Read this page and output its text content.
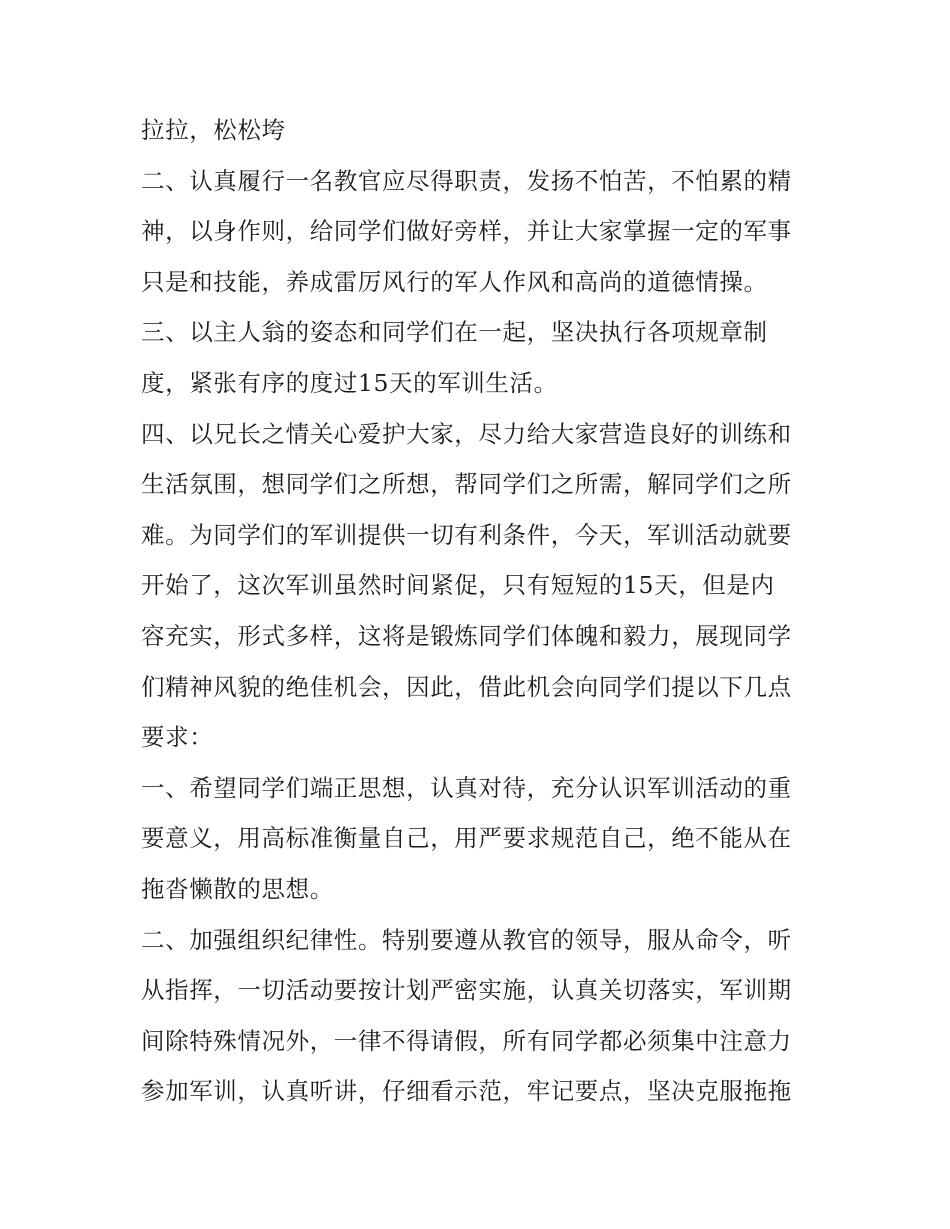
拉拉，松松垮
二、认真履行一名教官应尽得职责，发扬不怕苦，不怕累的精
神，以身作则，给同学们做好旁样，并让大家掌握一定的军事
只是和技能，养成雷厉风行的军人作风和高尚的道德情操。
三、以主人翁的姿态和同学们在一起，坚决执行各项规章制
度，紧张有序的度过15天的军训生活。
四、以兄长之情关心爱护大家，尽力给大家营造良好的训练和
生活氛围，想同学们之所想，帮同学们之所需，解同学们之所
难。为同学们的军训提供一切有利条件，今天，军训活动就要
开始了，这次军训虽然时间紧促，只有短短的15天，但是内
容充实，形式多样，这将是锻炼同学们体魄和毅力，展现同学
们精神风貌的绝佳机会，因此，借此机会向同学们提以下几点
要求：
一、希望同学们端正思想，认真对待，充分认识军训活动的重
要意义，用高标准衡量自己，用严要求规范自己，绝不能从在
拖沓懒散的思想。
二、加强组织纪律性。特别要遵从教官的领导，服从命令，听
从指挥，一切活动要按计划严密实施，认真关切落实，军训期
间除特殊情况外，一律不得请假，所有同学都必须集中注意力
参加军训，认真听讲，仔细看示范，牢记要点，坚决克服拖拖
